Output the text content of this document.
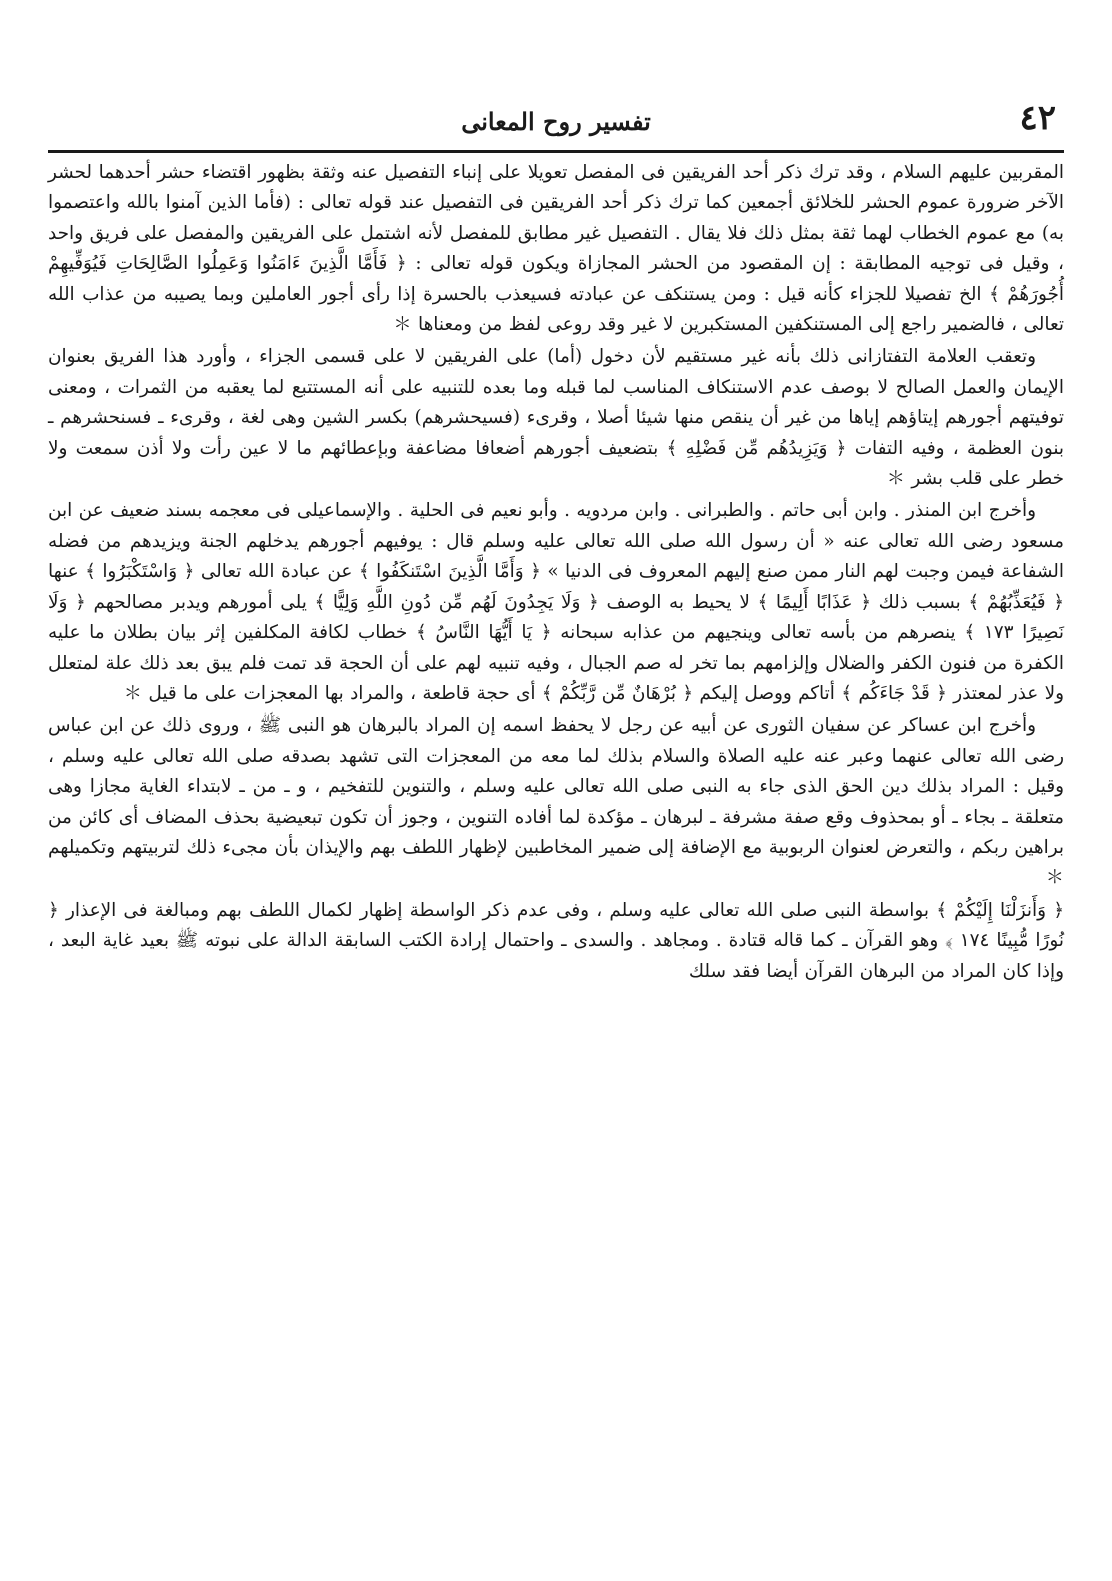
٤٢
تفسير روح المعانى

المقربين عليهم السلام ، وقد ترك ذكر أحد الفريقين فى المفصل تعويلا على إنباء التفصيل عنه وثقة بظهور اقتضاء حشر أحدهما لحشر الآخر ضرورة عموم الحشر للخلائق أجمعين كما ترك ذكر أحد الفريقين فى التفصيل عند قوله تعالى : (فأما الذين آمنوا بالله واعتصموا به) مع عموم الخطاب لهما ثقة بمثل ذلك فلا يقال . التفصيل غير مطابق للمفصل لأنه اشتمل على الفريقين والمفصل على فريق واحد ، وقيل فى توجيه المطابقة : إن المقصود من الحشر المجازاة ويكون قوله تعالى : ﴿ فَأَمَّا الَّذِينَ ءَامَنُوا وَعَمِلُوا الصَّالِحَاتِ فَيُوَفِّيهِمْ أُجُورَهُمْ ﴾ الخ تفصيلا للجزاء كأنه قيل : ومن يستنكف عن عبادته فسيعذب بالحسرة إذا رأى أجور العاملين وبما يصيبه من عذاب الله تعالى ، فالضمير راجع إلى المستنكفين المستكبرين لا غير وقد روعى لفظ من ومعناها ＊

وتعقب العلامة التفتازانى ذلك بأنه غير مستقيم لأن دخول (أما) على الفريقين لا على قسمى الجزاء ، وأورد هذا الفريق بعنوان الإيمان والعمل الصالح لا بوصف عدم الاستنكاف المناسب لما قبله وما بعده للتنبيه على أنه المستتبع لما يعقبه من الثمرات ، ومعنى توفيتهم أجورهم إيتاؤهم إياها من غير أن ينقص منها شيئا أصلا ، وقرىء (فسيحشرهم) بكسر الشين وهى لغة ، وقرىء ـ فسنحشرهم ـ بنون العظمة ، وفيه التفات ﴿ وَيَزِيدُهُم مِّن فَضْلِهِ ﴾ بتضعيف أجورهم أضعافا مضاعفة وبإعطائهم ما لا عين رأت ولا أذن سمعت ولا خطر على قلب بشر ＊

وأخرج ابن المنذر . وابن أبى حاتم . والطبرانى . وابن مردويه . وأبو نعيم فى الحلية . والإسماعيلى فى معجمه بسند ضعيف عن ابن مسعود رضى الله تعالى عنه « أن رسول الله صلى الله تعالى عليه وسلم قال : يوفيهم أجورهم يدخلهم الجنة ويزيدهم من فضله الشفاعة فيمن وجبت لهم النار ممن صنع إليهم المعروف فى الدنيا » ﴿ وَأَمَّا الَّذِينَ اسْتَنكَفُوا ﴾ عن عبادة الله تعالى ﴿ وَاسْتَكْبَرُوا ﴾ عنها ﴿ فَيُعَذِّبُهُمْ ﴾ بسبب ذلك ﴿ عَذَابًا أَلِيمًا ﴾ لا يحيط به الوصف ﴿ وَلَا يَجِدُونَ لَهُم مِّن دُونِ اللَّهِ وَلِيًّا ﴾ يلى أمورهم ويدبر مصالحهم ﴿ وَلَا نَصِيرًا ١٧٣ ﴾ ينصرهم من بأسه تعالى وينجيهم من عذابه سبحانه ﴿ يَا أَيُّهَا النَّاسُ ﴾ خطاب لكافة المكلفين إثر بيان بطلان ما عليه الكفرة من فنون الكفر والضلال وإلزامهم بما تخر له صم الجبال ، وفيه تنبيه لهم على أن الحجة قد تمت فلم يبق بعد ذلك علة لمتعلل ولا عذر لمعتذر ﴿ قَدْ جَاءَكُم ﴾ أتاكم ووصل إليكم ﴿ بُرْهَانٌ مِّن رَّبِّكُمْ ﴾ أى حجة قاطعة ، والمراد بها المعجزات على ما قيل ＊

وأخرج ابن عساكر عن سفيان الثورى عن أبيه عن رجل لا يحفظ اسمه إن المراد بالبرهان هو النبى ﷺ ، وروى ذلك عن ابن عباس رضى الله تعالى عنهما وعبر عنه عليه الصلاة والسلام بذلك لما معه من المعجزات التى تشهد بصدقه صلى الله تعالى عليه وسلم ، وقيل : المراد بذلك دين الحق الذى جاء به النبى صلى الله تعالى عليه وسلم ، والتنوين للتفخيم ، و ـ من ـ لابتداء الغاية مجازا وهى متعلقة ـ بجاء ـ أو بمحذوف وقع صفة مشرفة ـ لبرهان ـ مؤكدة لما أفاده التنوين ، وجوز أن تكون تبعيضية بحذف المضاف أى كائن من براهين ربكم ، والتعرض لعنوان الربوبية مع الإضافة إلى ضمير المخاطبين لإظهار اللطف بهم والإيذان بأن مجىء ذلك لتربيتهم وتكميلهم ＊

﴿ وَأَنزَلْنَا إِلَيْكُمْ ﴾ بواسطة النبى صلى الله تعالى عليه وسلم ، وفى عدم ذكر الواسطة إظهار لكمال اللطف بهم ومبالغة فى الإعذار ﴿ نُورًا مُّبِينًا ١٧٤ ﴾ وهو القرآن ـ كما قاله قتادة . ومجاهد . والسدى ـ واحتمال إرادة الكتب السابقة الدالة على نبوته ﷺ بعيد غاية البعد ، وإذا كان المراد من البرهان القرآن أيضا فقد سلك
